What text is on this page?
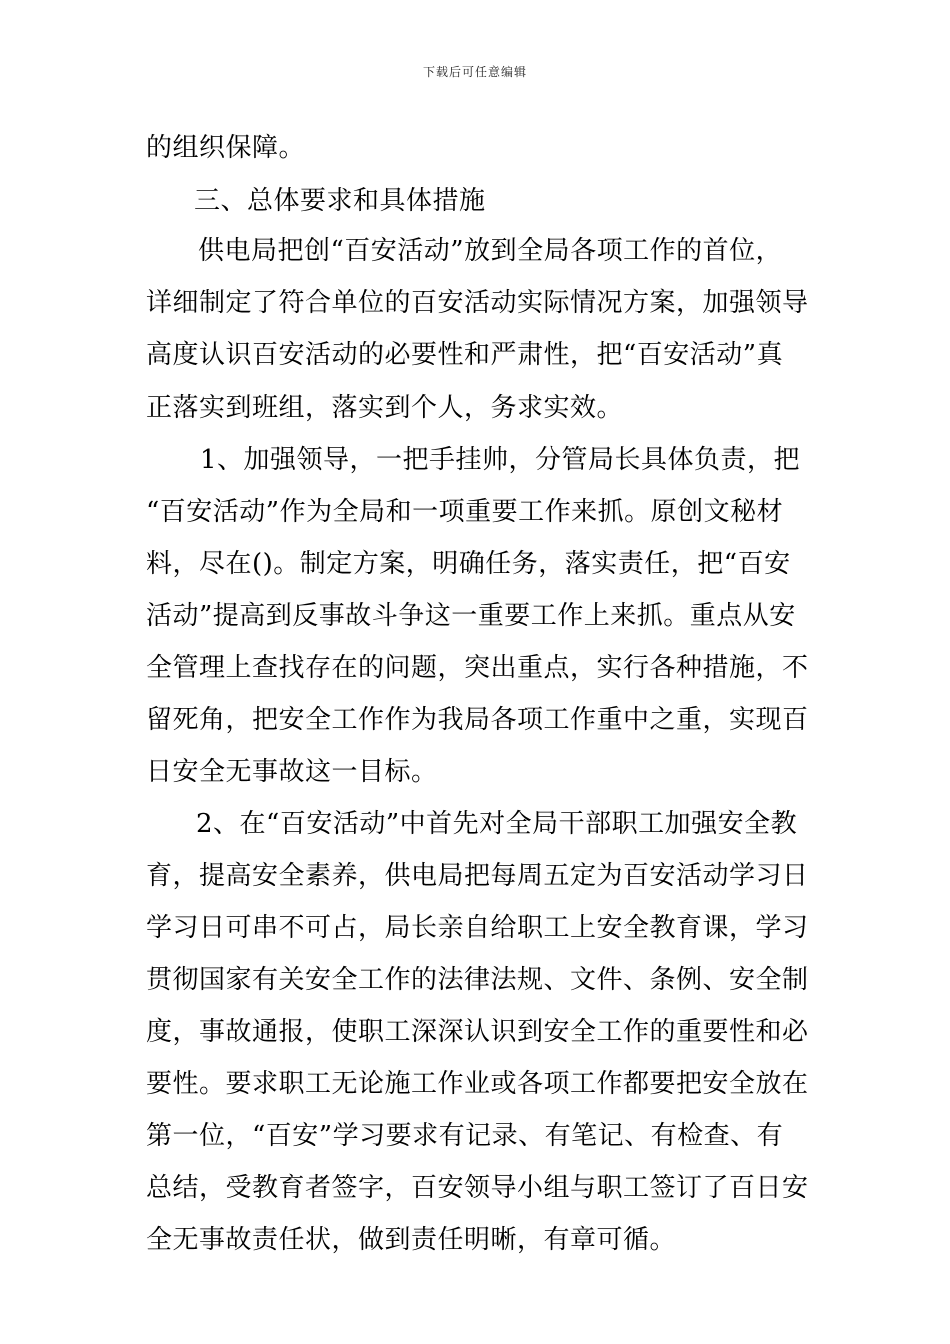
下载后可任意编辑
的组织保障。
三、总体要求和具体措施
供电局把创“百安活动”放到全局各项工作的首位，
详细制定了符合单位的百安活动实际情况方案，加强领导
高度认识百安活动的必要性和严肃性，把“百安活动”真
正落实到班组，落实到个人，务求实效。
1、加强领导，一把手挂帅，分管局长具体负责，把
“百安活动”作为全局和一项重要工作来抓。原创文秘材
料，尽在()。制定方案，明确任务，落实责任，把“百安
活动”提高到反事故斗争这一重要工作上来抓。重点从安
全管理上查找存在的问题，突出重点，实行各种措施，不
留死角，把安全工作作为我局各项工作重中之重，实现百
日安全无事故这一目标。
2、在“百安活动”中首先对全局干部职工加强安全教
育，提高安全素养，供电局把每周五定为百安活动学习日
学习日可串不可占，局长亲自给职工上安全教育课，学习
贯彻国家有关安全工作的法律法规、文件、条例、安全制
度，事故通报，使职工深深认识到安全工作的重要性和必
要性。要求职工无论施工作业或各项工作都要把安全放在
第一位，“百安”学习要求有记录、有笔记、有检查、有
总结，受教育者签字，百安领导小组与职工签订了百日安
全无事故责任状，做到责任明晰，有章可循。
